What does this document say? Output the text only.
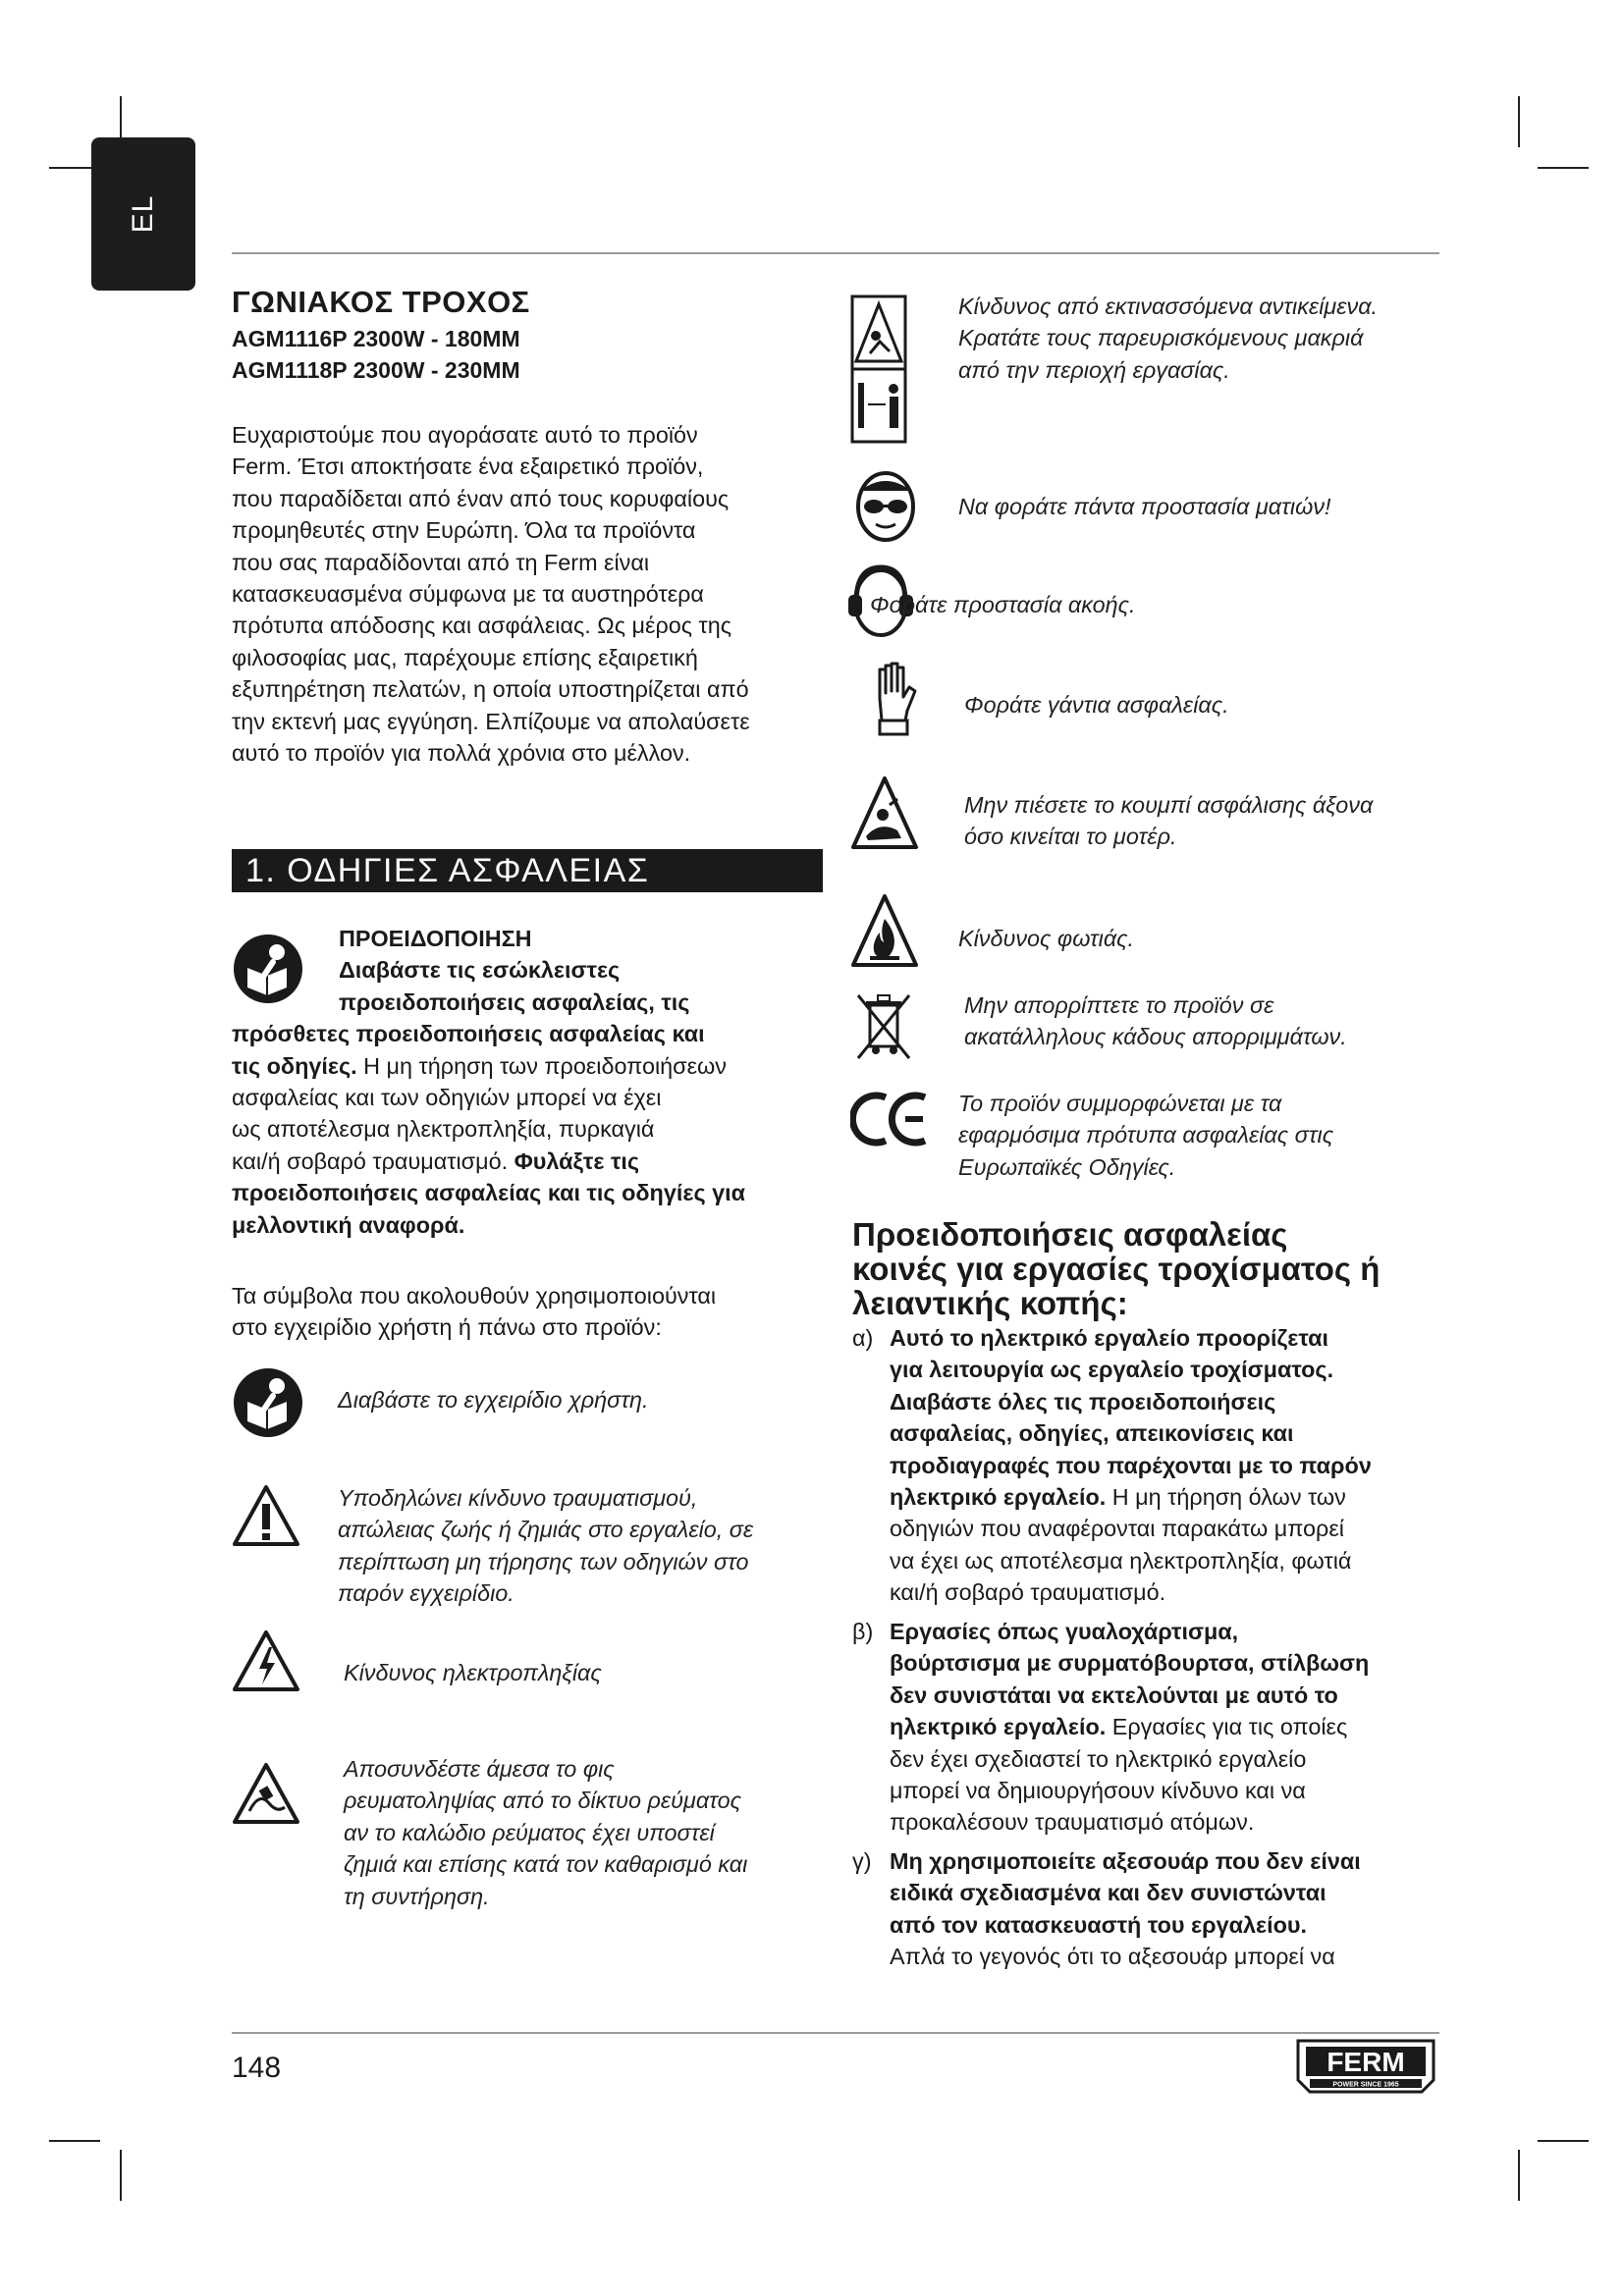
EL
ΓΩΝΙΑΚΟΣ ΤΡΟΧΟΣ
AGM1116P 2300W - 180MM
AGM1118P 2300W - 230MM
Ευχαριστούμε που αγοράσατε αυτό το προϊόν
Ferm. Έτσι αποκτήσατε ένα εξαιρετικό προϊόν,
που παραδίδεται από έναν από τους κορυφαίους
προμηθευτές στην Ευρώπη. Όλα τα προϊόντα
που σας παραδίδονται από τη Ferm είναι
κατασκευασμένα σύμφωνα με τα αυστηρότερα
πρότυπα απόδοσης και ασφάλειας. Ως μέρος της
φιλοσοφίας μας, παρέχουμε επίσης εξαιρετική
εξυπηρέτηση πελατών, η οποία υποστηρίζεται από
την εκτενή μας εγγύηση. Ελπίζουμε να απολαύσετε
αυτό το προϊόν για πολλά χρόνια στο μέλλον.
1. ΟΔΗΓΙΕΣ ΑΣΦΑΛΕΙΑΣ
ΠΡΟΕΙΔΟΠΟΙΗΣΗ
Διαβάστε τις εσώκλειστες
προειδοποιήσεις ασφαλείας, τις
πρόσθετες προειδοποιήσεις ασφαλείας και
τις οδηγίες. Η μη τήρηση των προειδοποιήσεων
ασφαλείας και των οδηγιών μπορεί να έχει
ως αποτέλεσμα ηλεκτροπληξία, πυρκαγιά
και/ή σοβαρό τραυματισμό. Φυλάξτε τις
προειδοποιήσεις ασφαλείας και τις οδηγίες για
μελλοντική αναφορά.
Τα σύμβολα που ακολουθούν χρησιμοποιούνται
στο εγχειρίδιο χρήστη ή πάνω στο προϊόν:
Διαβάστε το εγχειρίδιο χρήστη.
Υποδηλώνει κίνδυνο τραυματισμού,
απώλειας ζωής ή ζημιάς στο εργαλείο, σε
περίπτωση μη τήρησης των οδηγιών στο
παρόν εγχειρίδιο.
Κίνδυνος ηλεκτροπληξίας
Αποσυνδέστε άμεσα το φις
ρευματοληψίας από το δίκτυο ρεύματος
αν το καλώδιο ρεύματος έχει υποστεί
ζημιά και επίσης κατά τον καθαρισμό και
τη συντήρηση.
Κίνδυνος από εκτινασσόμενα αντικείμενα.
Κρατάτε τους παρευρισκόμενους μακριά
από την περιοχή εργασίας.
Να φοράτε πάντα προστασία ματιών!
Φοράτε προστασία ακοής.
Φοράτε γάντια ασφαλείας.
Μην πιέσετε το κουμπί ασφάλισης άξονα
όσο κινείται το μοτέρ.
Κίνδυνος φωτιάς.
Μην απορρίπτετε το προϊόν σε
ακατάλληλους κάδους απορριμμάτων.
Το προϊόν συμμορφώνεται με τα
εφαρμόσιμα πρότυπα ασφαλείας στις
Ευρωπαϊκές Οδηγίες.
Προειδοποιήσεις ασφαλείας
κοινές για εργασίες τροχίσματος ή
λειαντικής κοπής:
α) Αυτό το ηλεκτρικό εργαλείο προορίζεται
για λειτουργία ως εργαλείο τροχίσματος.
Διαβάστε όλες τις προειδοποιήσεις
ασφαλείας, οδηγίες, απεικονίσεις και
προδιαγραφές που παρέχονται με το παρόν
ηλεκτρικό εργαλείο. Η μη τήρηση όλων των
οδηγιών που αναφέρονται παρακάτω μπορεί
να έχει ως αποτέλεσμα ηλεκτροπληξία, φωτιά
και/ή σοβαρό τραυματισμό.
β) Εργασίες όπως γυαλοχάρτισμα,
βούρτσισμα με συρματόβουρτσα, στίλβωση
δεν συνιστάται να εκτελούνται με αυτό το
ηλεκτρικό εργαλείο. Εργασίες για τις οποίες
δεν έχει σχεδιαστεί το ηλεκτρικό εργαλείο
μπορεί να δημιουργήσουν κίνδυνο και να
προκαλέσουν τραυματισμό ατόμων.
γ) Μη χρησιμοποιείτε αξεσουάρ που δεν είναι
ειδικά σχεδιασμένα και δεν συνιστώνται
από τον κατασκευαστή του εργαλείου.
Απλά το γεγονός ότι το αξεσουάρ μπορεί να
148	FERM
POWER SINCE 1965
